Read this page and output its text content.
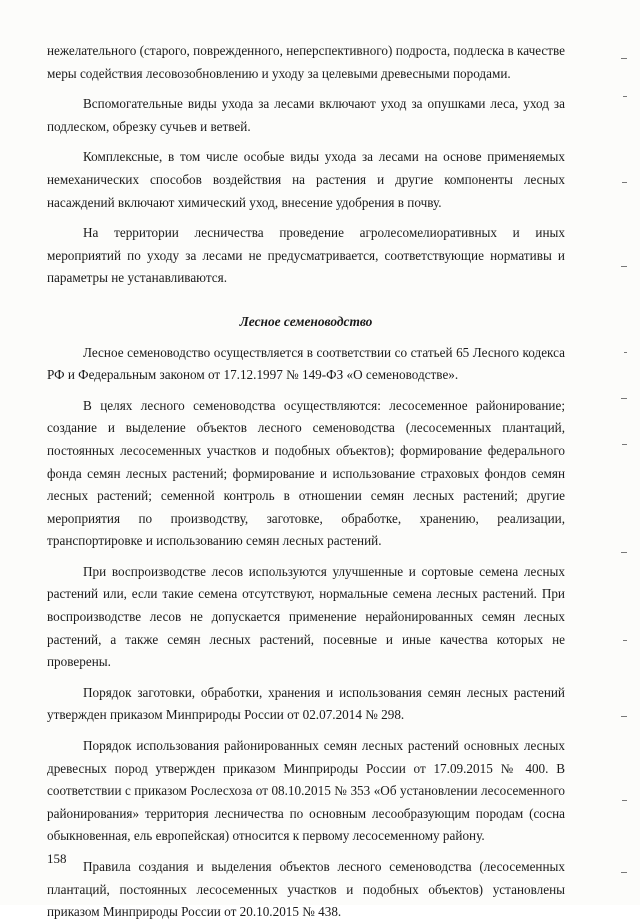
нежелательного (старого, поврежденного, неперспективного) подроста, подлеска в качестве меры содействия лесовозобновлению и уходу за целевыми древесными породами.

Вспомогательные виды ухода за лесами включают уход за опушками леса, уход за подлеском, обрезку сучьев и ветвей.

Комплексные, в том числе особые виды ухода за лесами на основе применяемых немеханических способов воздействия на растения и другие компоненты лесных насаждений включают химический уход, внесение удобрения в почву.

На территории лесничества проведение агролесомелиоративных и иных мероприятий по уходу за лесами не предусматривается, соответствующие нормативы и параметры не устанавливаются.

Лесное семеноводство

Лесное семеноводство осуществляется в соответствии со статьей 65 Лесного кодекса РФ и Федеральным законом от 17.12.1997 № 149-ФЗ «О семеноводстве».

В целях лесного семеноводства осуществляются: лесосеменное районирование; создание и выделение объектов лесного семеноводства (лесосеменных плантаций, постоянных лесосеменных участков и подобных объектов); формирование федерального фонда семян лесных растений; формирование и использование страховых фондов семян лесных растений; семенной контроль в отношении семян лесных растений; другие мероприятия по производству, заготовке, обработке, хранению, реализации, транспортировке и использованию семян лесных растений.

При воспроизводстве лесов используются улучшенные и сортовые семена лесных растений или, если такие семена отсутствуют, нормальные семена лесных растений. При воспроизводстве лесов не допускается применение нерайонированных семян лесных растений, а также семян лесных растений, посевные и иные качества которых не проверены.

Порядок заготовки, обработки, хранения и использования семян лесных растений утвержден приказом Минприроды России от 02.07.2014 № 298.

Порядок использования районированных семян лесных растений основных лесных древесных пород утвержден приказом Минприроды России от 17.09.2015 № 400. В соответствии с приказом Рослесхоза от 08.10.2015 № 353 «Об установлении лесосеменного районирования» территория лесничества по основным лесообразующим породам (сосна обыкновенная, ель европейская) относится к первому лесосеменному району.

Правила создания и выделения объектов лесного семеноводства (лесосеменных плантаций, постоянных лесосеменных участков и подобных объектов) установлены приказом Минприроды России от 20.10.2015 № 438.

158
